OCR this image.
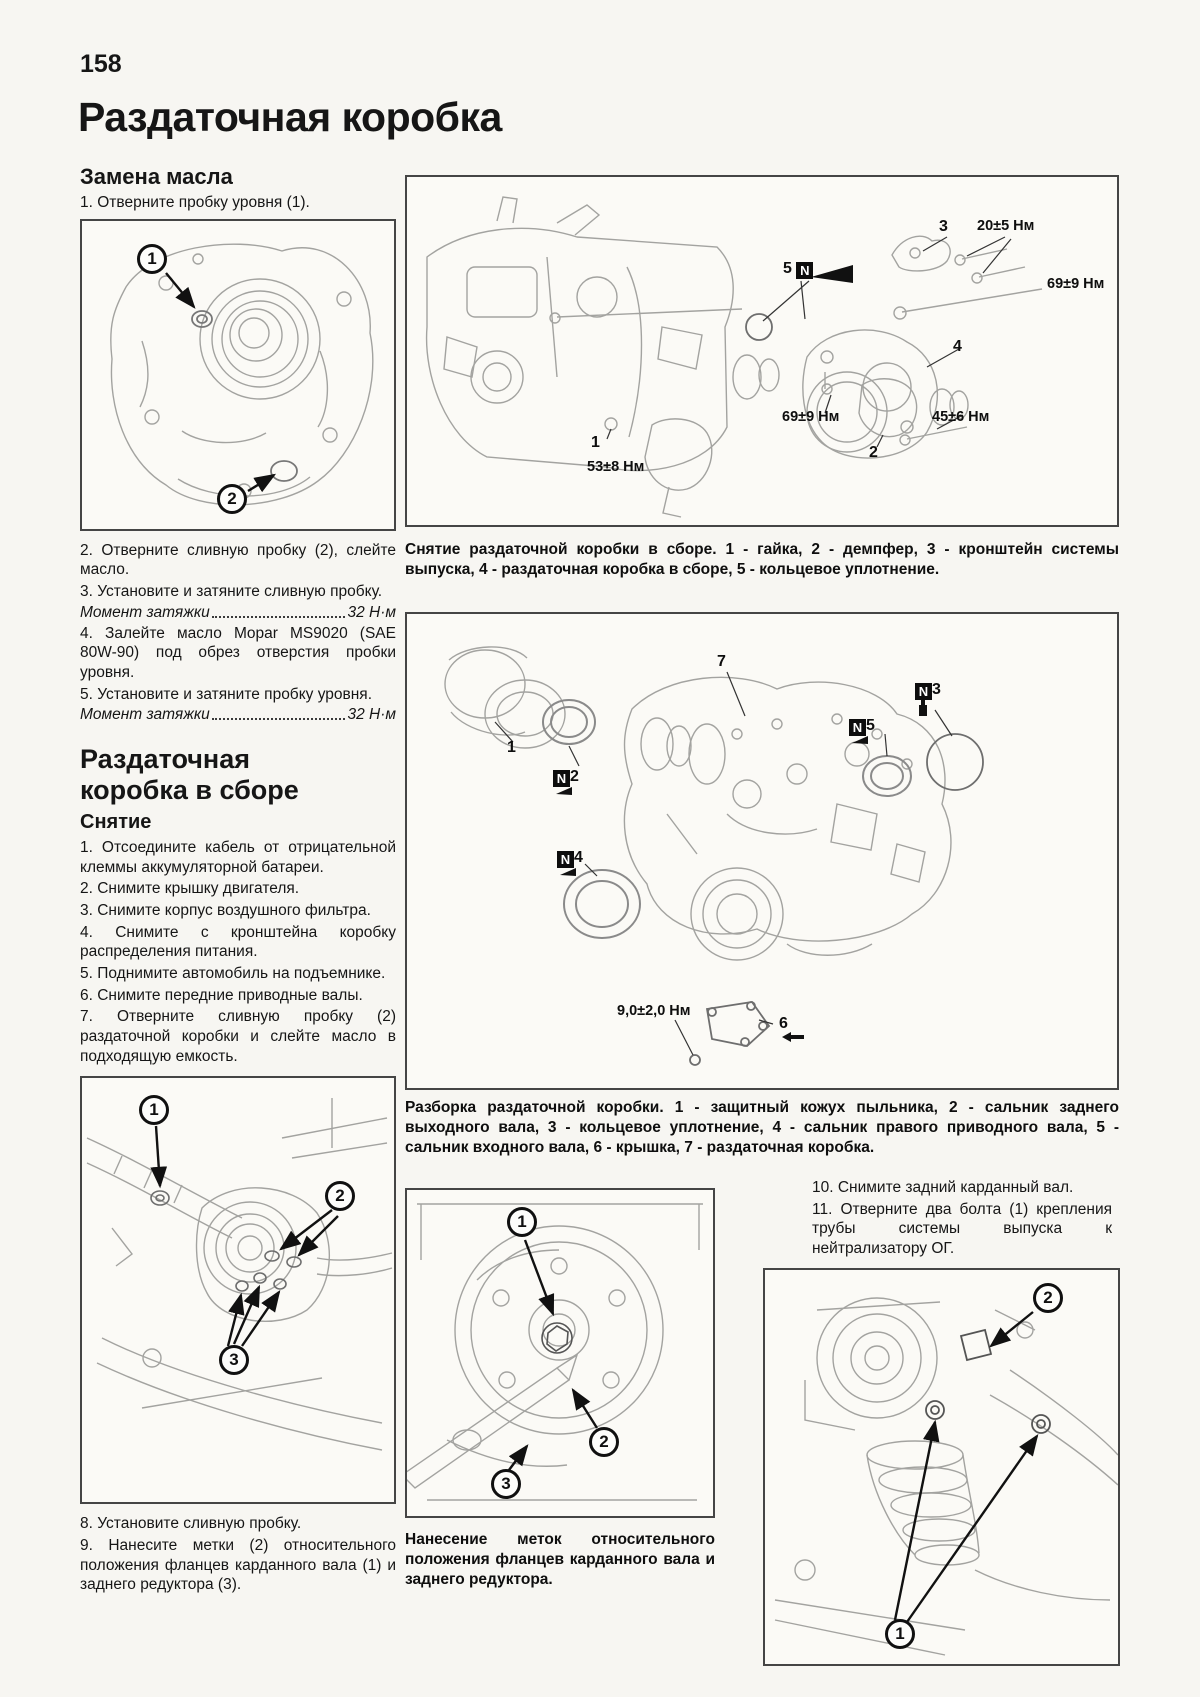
158
Раздаточная коробка
Замена масла
1. Отверните пробку уровня (1).
1
2
2. Отверните сливную пробку (2), слейте масло.
3. Установите и затяните сливную пробку.
Момент затяжки	32 Н·м
4. Залейте масло Mopar MS9020 (SAE 80W-90) под обрез отверстия пробки уровня.
5. Установите и затяните пробку уровня.
Момент затяжки	32 Н·м
Раздаточная
коробка в сборе
Снятие
1. Отсоедините кабель от отрицательной клеммы аккумуляторной батареи.
2. Снимите крышку двигателя.
3. Снимите корпус воздушного фильтра.
4. Снимите с кронштейна коробку распределения питания.
5. Поднимите автомобиль на подъемнике.
6. Снимите передние приводные валы.
7. Отверните сливную пробку (2) раздаточной коробки и слейте масло в подходящую емкость.
1
2
3
8. Установите сливную пробку.
9. Нанесите метки (2) относительного положения фланцев карданного вала (1) и заднего редуктора (3).
3 20±5 Нм
5 N
69±9 Нм
4
69±9 Нм	45±6 Нм
2
1
53±8 Нм
Снятие раздаточной коробки в сборе. 1 - гайка, 2 - демпфер, 3 - кронштейн системы выпуска, 4 - раздаточная коробка в сборе, 5 - кольцевое уплотнение.
1
N 2
7
N 3
N 5
N 4
9,0±2,0 Нм
6
Разборка раздаточной коробки. 1 - защитный кожух пыльника, 2 - сальник заднего выходного вала, 3 - кольцевое уплотнение, 4 - сальник правого приводного вала, 5 - сальник входного вала, 6 - крышка, 7 - раздаточная коробка.
10. Снимите задний карданный вал.
11. Отверните два болта (1) крепления трубы системы выпуска к нейтрализатору ОГ.
1
2
3
Нанесение меток относительного положения фланцев карданного вала и заднего редуктора.
2
1
